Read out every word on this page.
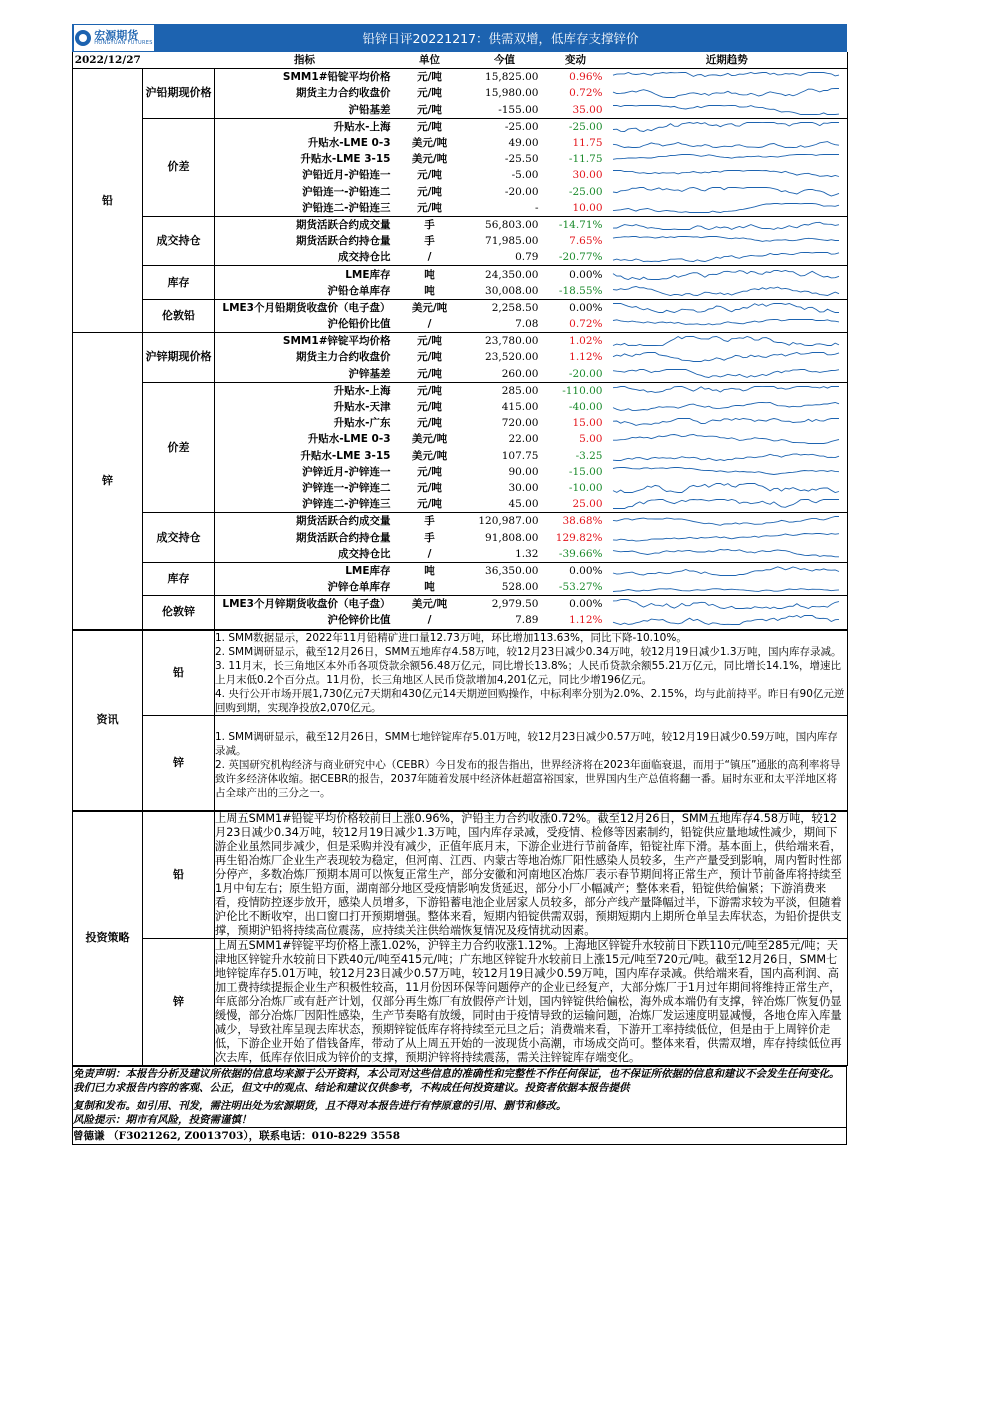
宏源期货
HONGYUAN FUTURES	铅锌日评20221217：供需双增，低库存支撑锌价
2022/12/27		指标	单位	今值	变动	近期趋势
铅	沪铅期现价格	SMM1#铅锭平均价格	元/吨	15,825.00	0.96%	

		期货主力合约收盘价	元/吨	15,980.00	0.72%	

		沪铅基差	元/吨	-155.00	35.00	

	价差	升贴水-上海	元/吨	-25.00	-25.00	

		升贴水-LME 0-3	美元/吨	49.00	11.75	

		升贴水-LME 3-15	美元/吨	-25.50	-11.75	

		沪铅近月-沪铅连一	元/吨	-5.00	30.00	

		沪铅连一-沪铅连二	元/吨	-20.00	-25.00	

		沪铅连二-沪铅连三	元/吨	-	10.00	

	成交持仓	期货活跃合约成交量	手	56,803.00	-14.71%	

		期货活跃合约持仓量	手	71,985.00	7.65%	

		成交持仓比	/	0.79	-20.77%	

	库存	LME库存	吨	24,350.00	0.00%	

		沪铅仓单库存	吨	30,008.00	-18.55%	

	伦敦铅	LME3个月铅期货收盘价（电子盘）	美元/吨	2,258.50	0.00%	

		沪伦铅价比值	/	7.08	0.72%	

锌	沪锌期现价格	SMM1#锌锭平均价格	元/吨	23,780.00	1.02%	

		期货主力合约收盘价	元/吨	23,520.00	1.12%	

		沪锌基差	元/吨	260.00	-20.00	

	价差	升贴水-上海	元/吨	285.00	-110.00	

		升贴水-天津	元/吨	415.00	-40.00	

		升贴水-广东	元/吨	720.00	15.00	

		升贴水-LME 0-3	美元/吨	22.00	5.00	

		升贴水-LME 3-15	美元/吨	107.75	-3.25	

		沪锌近月-沪锌连一	元/吨	90.00	-15.00	

		沪锌连一-沪锌连二	元/吨	30.00	-10.00	

		沪锌连二-沪锌连三	元/吨	45.00	25.00	

	成交持仓	期货活跃合约成交量	手	120,987.00	38.68%	

		期货活跃合约持仓量	手	91,808.00	129.82%	

		成交持仓比	/	1.32	-39.66%	

	库存	LME库存	吨	36,350.00	0.00%	

		沪锌仓单库存	吨	528.00	-53.27%	

	伦敦锌	LME3个月锌期货收盘价（电子盘）	美元/吨	2,979.50	0.00%	

		沪伦锌价比值	/	7.89	1.12%	
资讯	铅	1. SMM数据显示，2022年11月铅精矿进口量12.73万吨，环比增加113.63%，同比下降-10.10%。

2. SMM调研显示，截至12月26日，SMM五地库存4.58万吨，较12月23日减少0.34万吨，较12月19日减少1.3万吨，国内库存录减。

3. 11月末，长三角地区本外币各项贷款余额56.48万亿元，同比增长13.8%；人民币贷款余额55.21万亿元，同比增长14.1%，增速比上月末低0.2个百分点。11月份，长三角地区人民币贷款增加4,201亿元，同比少增196亿元。

4. 央行公开市场开展1,730亿元7天期和430亿元14天期逆回购操作，中标利率分别为2.0%、2.15%，均与此前持平。昨日有90亿元逆回购到期，实现净投放2,070亿元。

	锌	1. SMM调研显示，截至12月26日，SMM七地锌锭库存5.01万吨，较12月23日减少0.57万吨，较12月19日减少0.59万吨，国内库存录减。

2. 英国研究机构经济与商业研究中心（CEBR）今日发布的报告指出，世界经济将在2023年面临衰退，而用于“镇压”通胀的高利率将导致许多经济体收缩。据CEBR的报告，2037年随着发展中经济体赶超富裕国家，世界国内生产总值将翻一番。届时东亚和太平洋地区将占全球产出的三分之一。

投资策略	铅	上周五SMM1#铅锭平均价格较前日上涨0.96%，沪铅主力合约收涨0.72%。截至12月26日，SMM五地库存4.58万吨，较12月23日减少0.34万吨，较12月19日减少1.3万吨，国内库存录减，受疫情、检修等因素制约，铅锭供应量地域性减少，期间下游企业虽然同步减少，但是采购并没有减少，正值年底月末，下游企业进行节前备库，铅锭社库下滑。基本面上，供给端来看，再生铅冶炼厂企业生产表现较为稳定，但河南、江西、内蒙古等地冶炼厂阳性感染人员较多，生产产量受到影响，周内暂时性部分停产，多数冶炼厂预期本周可以恢复正常生产，部分安徽和河南地区冶炼厂表示春节期间将正常生产，预计节前备库将持续至1月中旬左右；原生铅方面，湖南部分地区受疫情影响发货延迟，部分小厂小幅减产；整体来看，铅锭供给偏紧；下游消费来看，疫情防控逐步放开，感染人员增多，下游铅蓄电池企业居家人员较多，部分产线产量降幅过半，下游需求较为平淡，但随着沪伦比不断收窄，出口窗口打开预期增强。整体来看，短期内铅锭供需双弱，预期短期内上期所仓单呈去库状态，为铅价提供支撑，预期沪铅将持续高位震荡，应持续关注供给端恢复情况及疫情扰动因素。
	锌	上周五SMM1#锌锭平均价格上涨1.02%，沪锌主力合约收涨1.12%。上海地区锌锭升水较前日下跌110元/吨至285元/吨；天津地区锌锭升水较前日下跌40元/吨至415元/吨；广东地区锌锭升水较前日上涨15元/吨至720元/吨。截至12月26日，SMM七地锌锭库存5.01万吨，较12月23日减少0.57万吨，较12月19日减少0.59万吨，国内库存录减。供给端来看，国内高利润、高加工费持续提振企业生产积极性较高，11月份因环保等问题停产的企业已经复产，大部分炼厂于1月过年期间将维持正常生产，年底部分冶炼厂或有赶产计划，仅部分再生炼厂有放假停产计划，国内锌锭供给偏松，海外成本端仍有支撑，锌冶炼厂恢复仍显缓慢，部分冶炼厂因阳性感染，生产节奏略有放缓，同时由于疫情导致的运输问题，冶炼厂发运速度明显减慢，各地仓库入库量减少，导致社库呈现去库状态，预期锌锭低库存将持续至元旦之后；消费端来看，下游开工率持续低位，但是由于上周锌价走低，下游企业开始了借钱备库，带动了从上周五开始的一波现货小高潮，市场成交尚可。整体来看，供需双增，库存持续低位再次去库，低库存依旧成为锌价的支撑，预期沪锌将持续震荡，需关注锌锭库存端变化。
免责声明：本报告分析及建议所依据的信息均来源于公开资料，本公司对这些信息的准确性和完整性不作任何保证，也不保证所依据的信息和建议不会发生任何变化。我们已力求报告内容的客观、公正，但文中的观点、结论和建议仅供参考，不构成任何投资建议。投资者依据本报告提供
复制和发布。如引用、刊发，需注明出处为宏源期货，且不得对本报告进行有悖原意的引用、删节和修改。
风险提示：期市有风险，投资需谨慎！

曾德谦 （F3021262, Z0013703），联系电话：010-8229 3558
